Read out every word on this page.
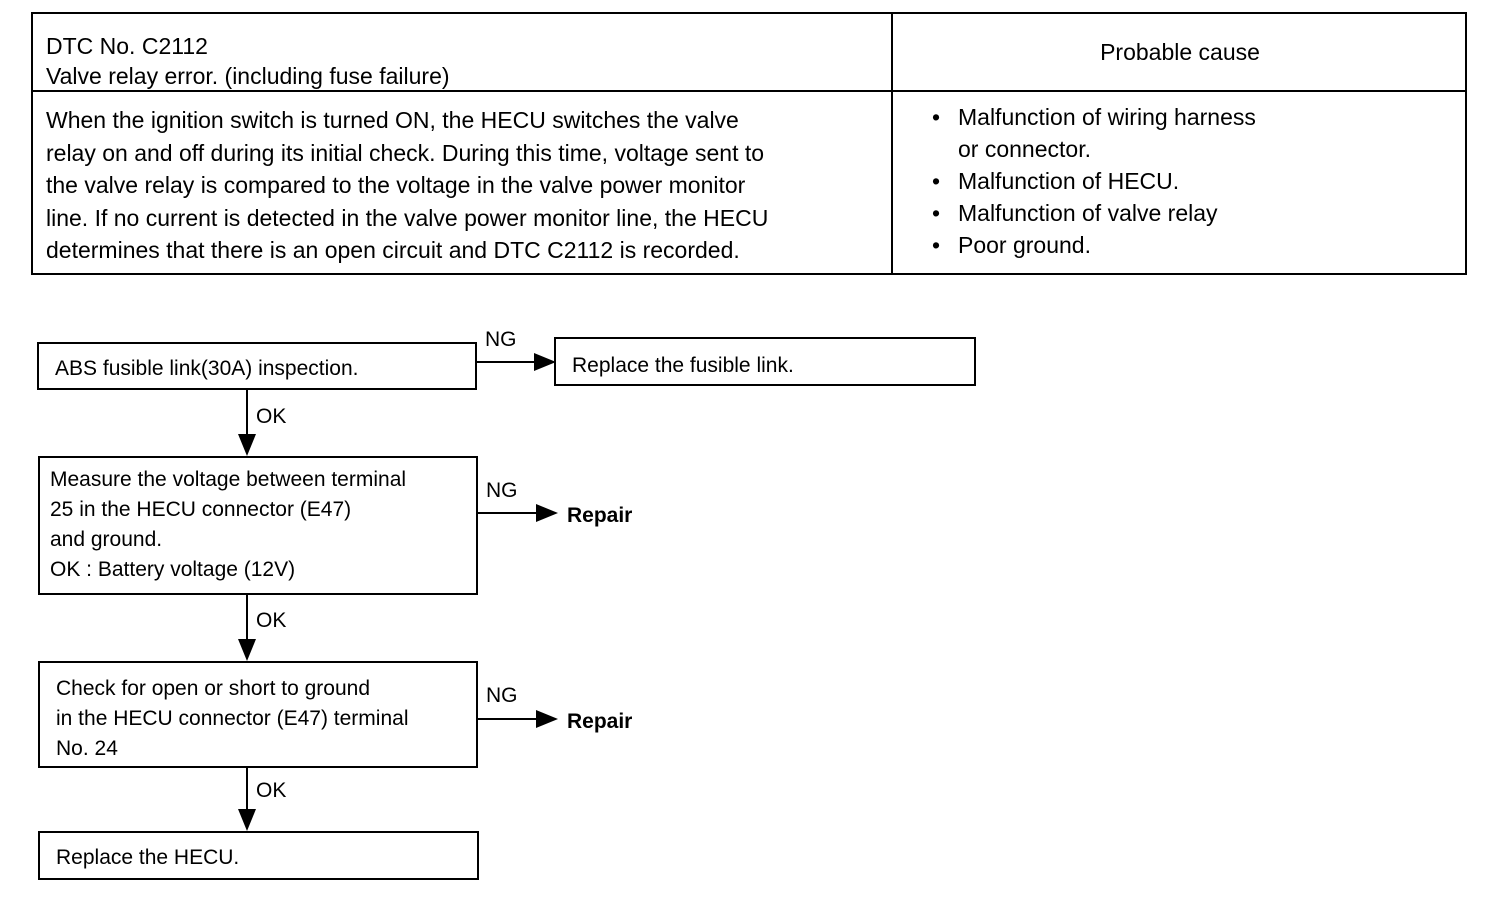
DTC No. C2112
Valve relay error. (including fuse failure)
Probable cause
When the ignition switch is turned ON, the HECU switches the valve
relay on and off during its initial check. During this time, voltage sent to
the valve relay is compared to the voltage in the valve power monitor
line. If no current is detected in the valve power monitor line, the HECU
determines that there is an open circuit and DTC C2112 is recorded.
• Malfunction of wiring harness
or connector.
• Malfunction of HECU.
• Malfunction of valve relay
• Poor ground.
ABS fusible link(30A) inspection.
NG
Replace the fusible link.
OK
Measure the voltage between terminal
25 in the HECU connector (E47)
and ground.
OK : Battery voltage (12V)
NG
Repair
OK
Check for open or short to ground
in the HECU connector (E47) terminal
No. 24
NG
Repair
OK
Replace the HECU.
